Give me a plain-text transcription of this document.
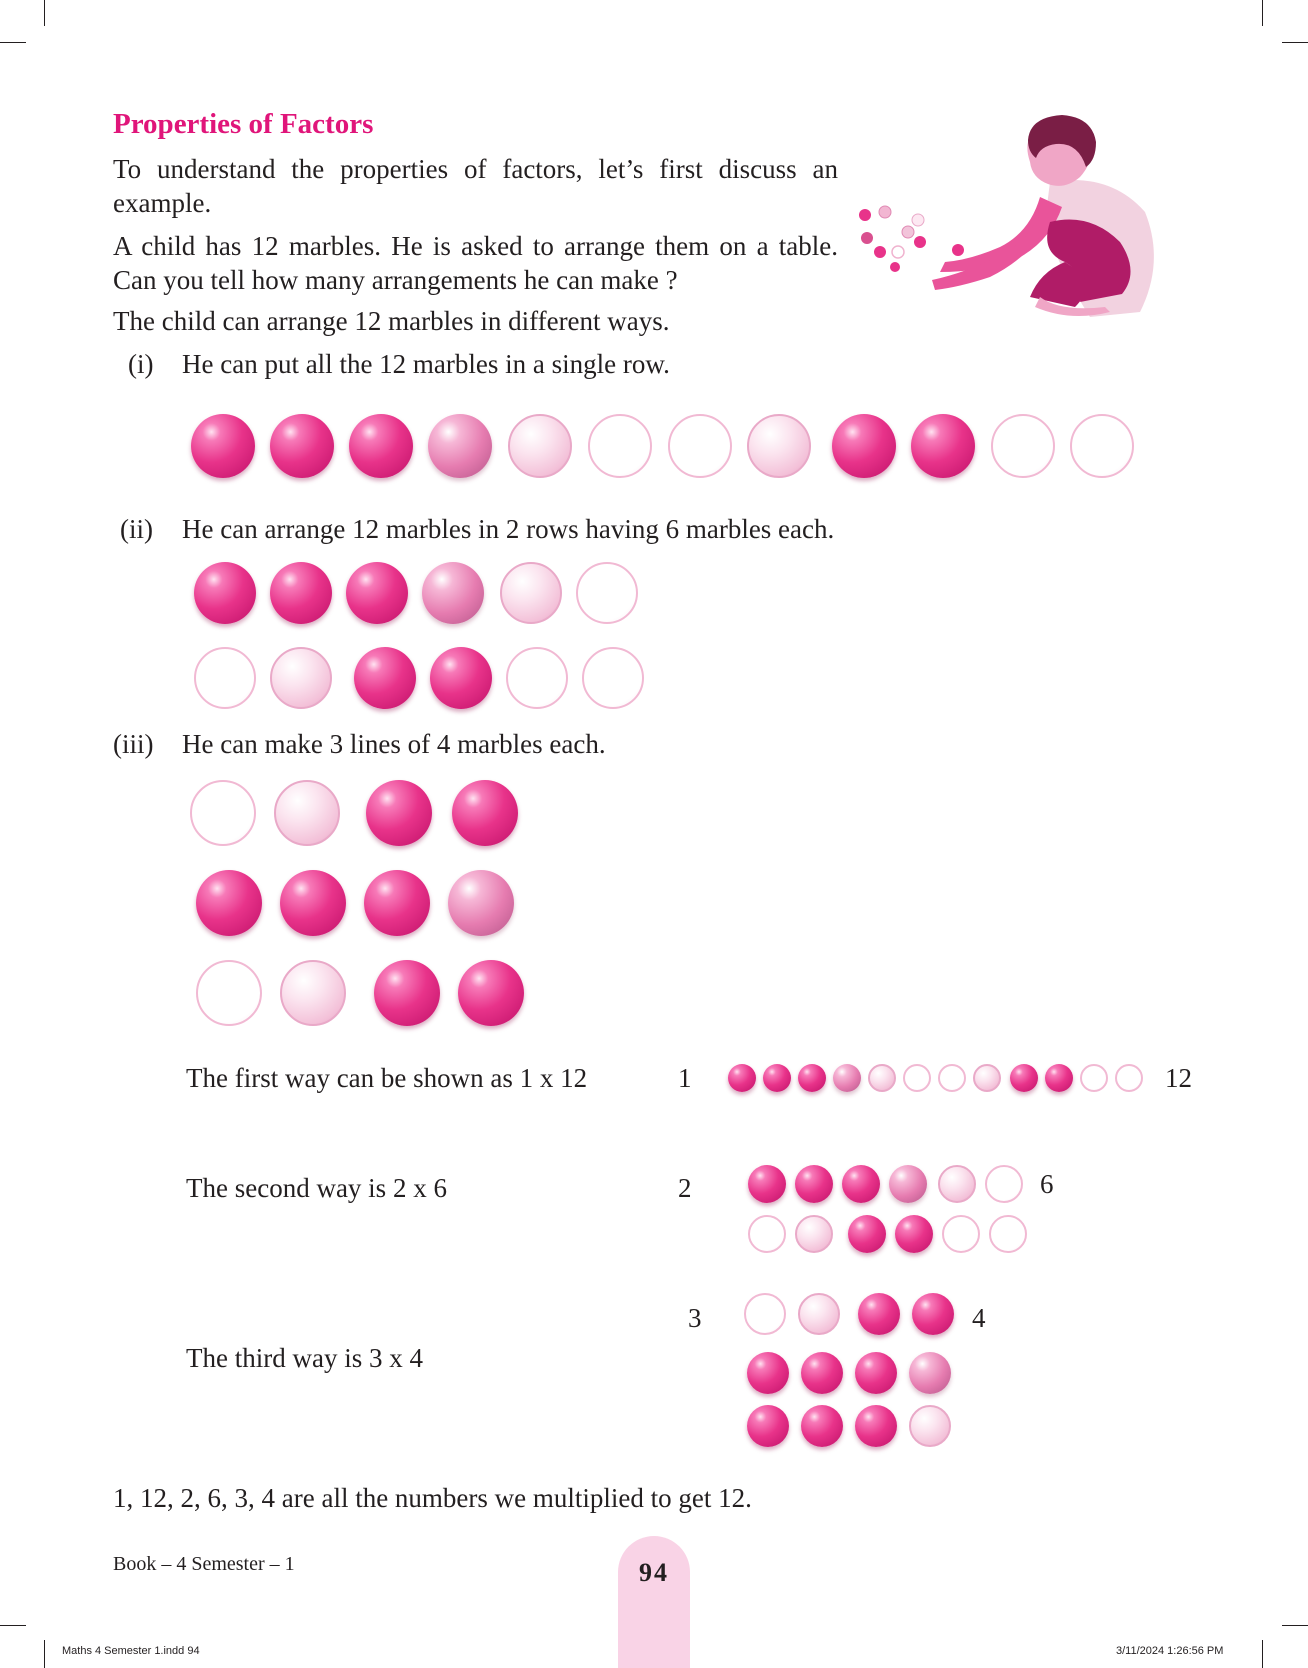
Properties of Factors
To understand the properties of factors, let’s first discuss an example.
A child has 12 marbles. He is asked to arrange them on a table. Can you tell how many arrangements he can make ?
The child can arrange 12 marbles in different ways.
(i) He can put all the 12 marbles in a single row.
(ii) He can arrange 12 marbles in 2 rows having 6 marbles each.
(iii) He can make 3 lines of 4 marbles each.
The first way can be shown as 1 x 12	1	12
The second way is 2 x 6	2	6
3	4
The third way is 3 x 4
1, 12, 2, 6, 3, 4 are all the numbers we multiplied to get 12.
Book – 4 Semester – 1	94
Maths 4 Semester 1.indd 94	3/11/2024 1:26:56 PM
